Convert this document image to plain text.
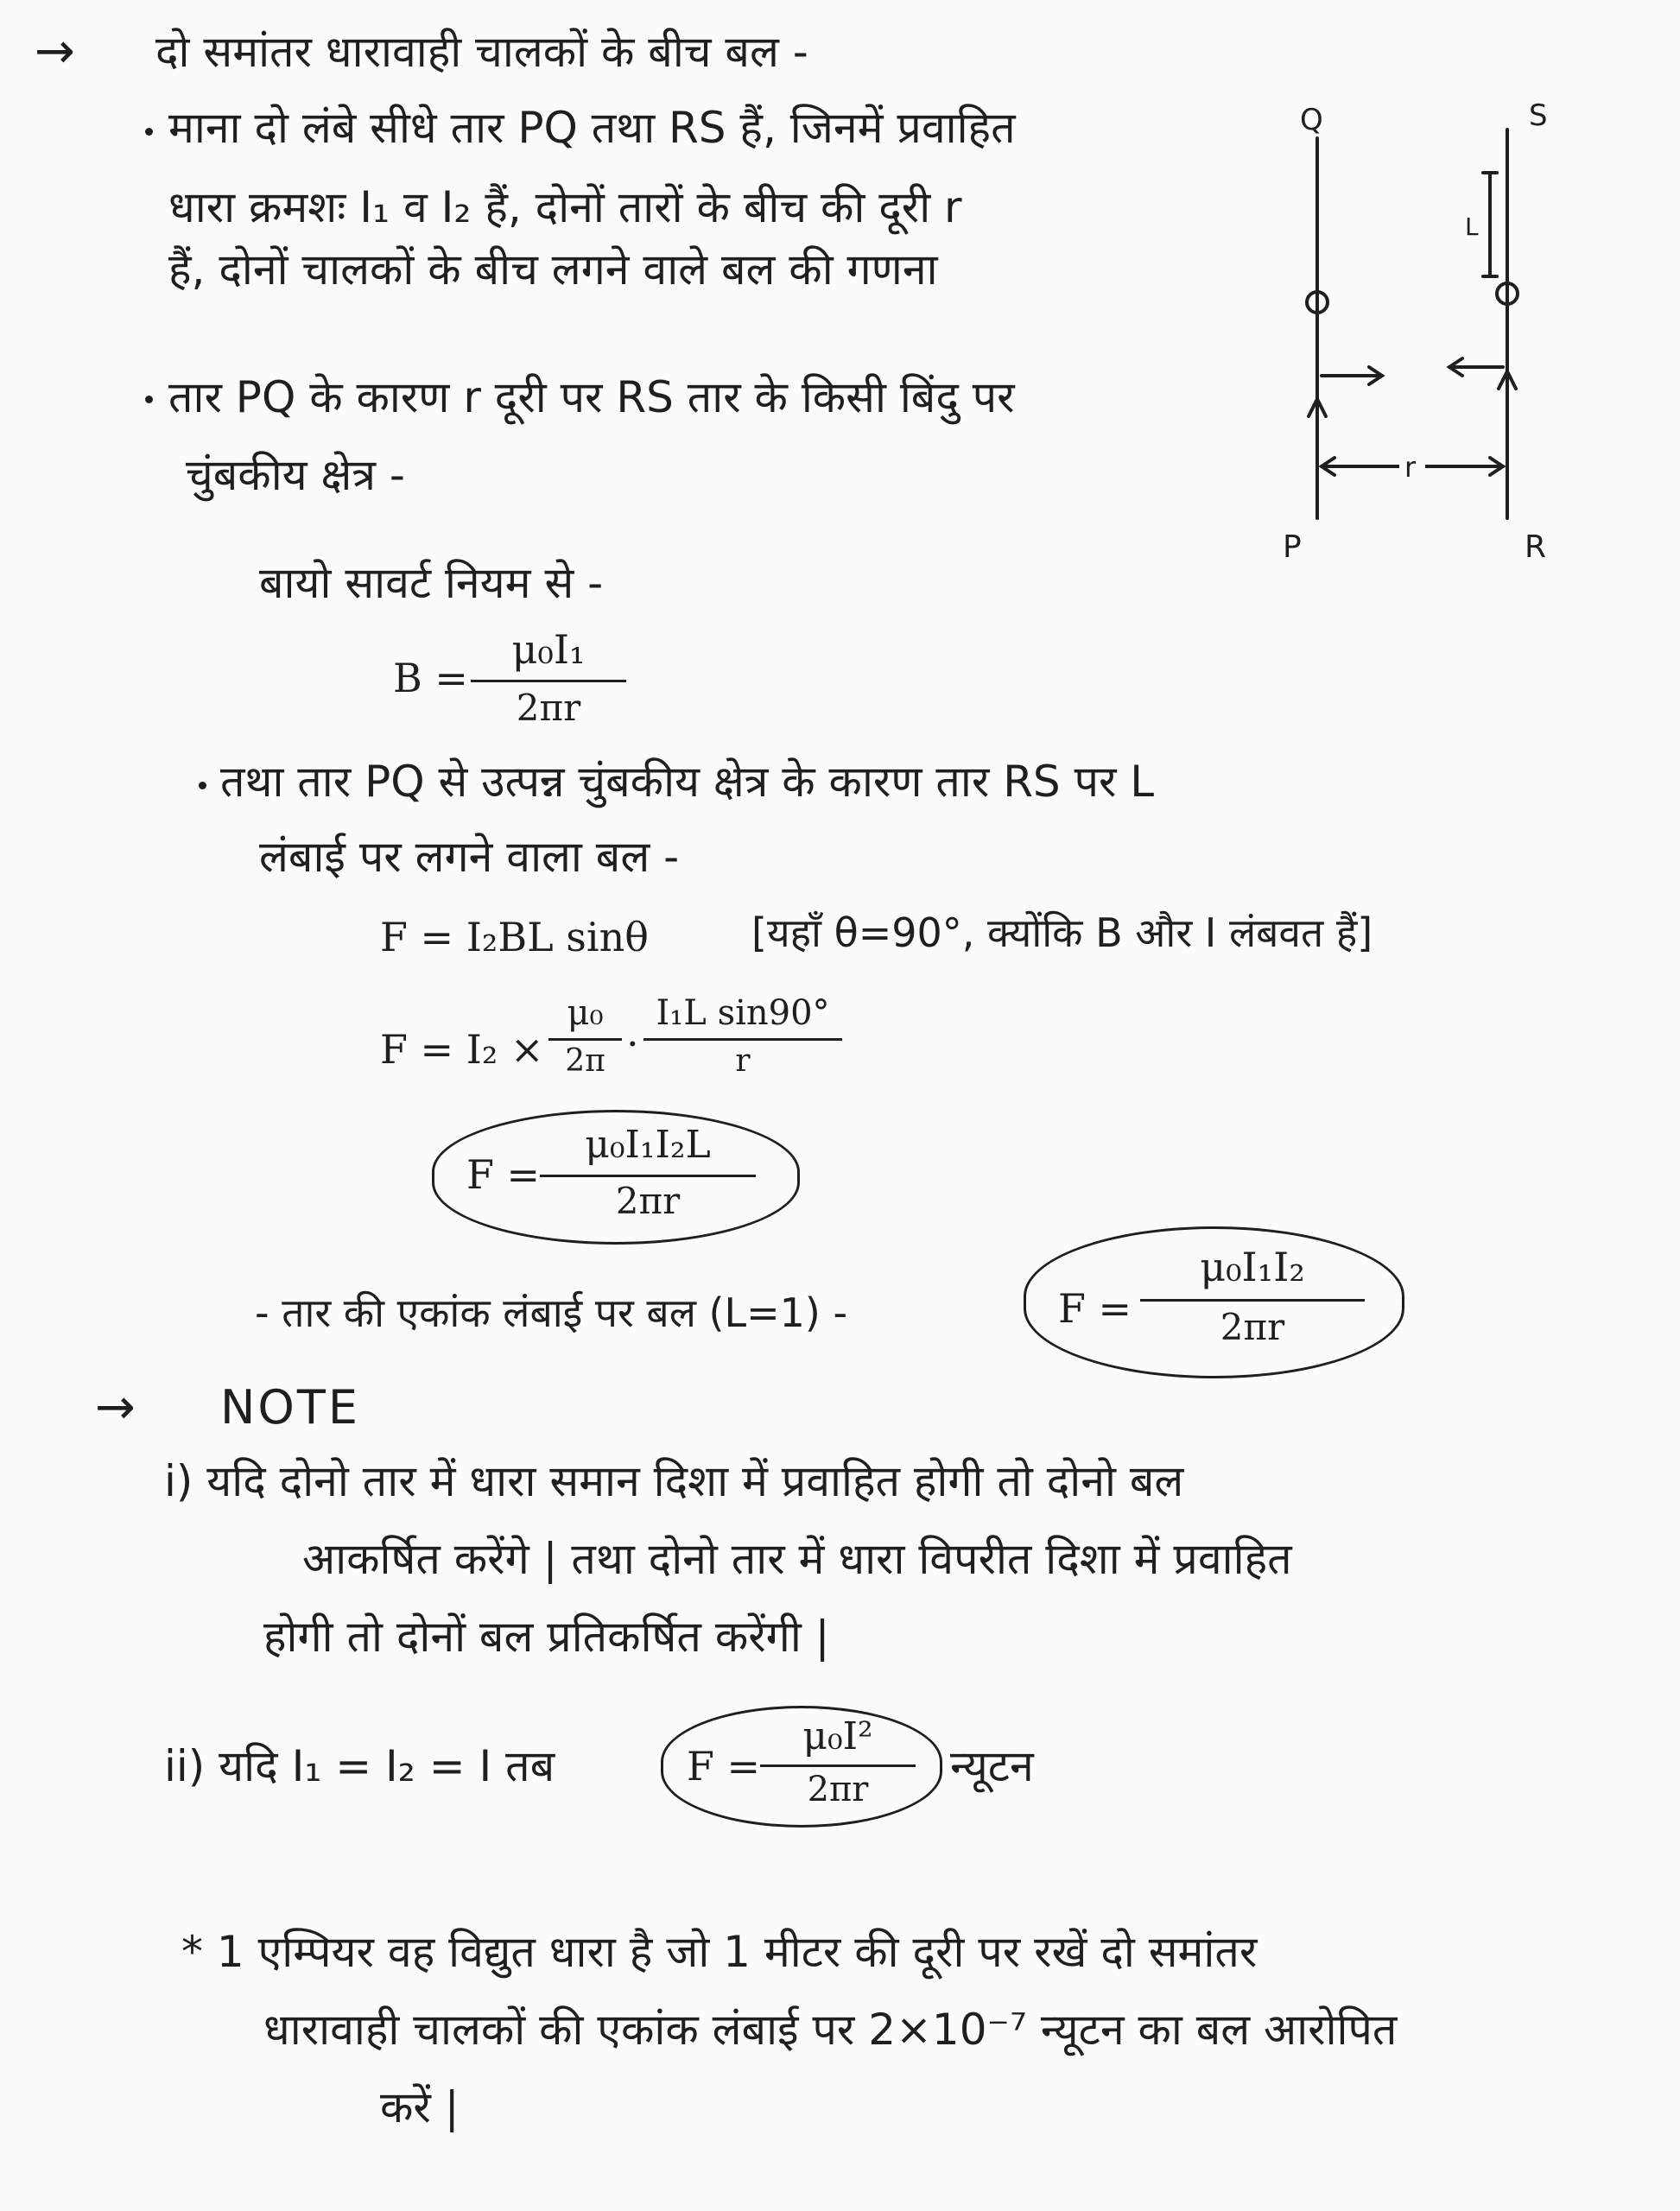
→ दो समांतर धारावाही चालकों के बीच बल -
माना दो लंबे सीधे तार PQ तथा RS हैं, जिनमें प्रवाहित
धारा क्रमशः I₁ व I₂ हैं, दोनों तारों के बीच की दूरी r
हैं, दोनों चालकों के बीच लगने वाले बल की गणना
तार PQ के कारण r दूरी पर RS तार के किसी बिंदु पर
चुंबकीय क्षेत्र -
बायो सावर्ट नियम से -
B =
μ₀I₁
2πr
तथा तार PQ से उत्पन्न चुंबकीय क्षेत्र के कारण तार RS पर L
लंबाई पर लगने वाला बल -
F = I₂BL sinθ	[यहाँ θ=90°, क्योंकि B और I लंबवत हैं]
F = I₂ ×
μ₀
2π
. I₁L sin90°
r
F =
μ₀I₁I₂L
2πr
- तार की एकांक लंबाई पर बल (L=1) -	F =
μ₀I₁I₂
2πr
→ NOTE
i) यदि दोनो तार में धारा समान दिशा में प्रवाहित होगी तो दोनो बल
आकर्षित करेंगे | तथा दोनो तार में धारा विपरीत दिशा में प्रवाहित
होगी तो दोनों बल प्रतिकर्षित करेंगी |
ii) यदि I₁ = I₂ = I तब	F =
μ₀I²
2πr	न्यूटन
* 1 एम्पियर वह विद्युत धारा है जो 1 मीटर की दूरी पर रखें दो समांतर
धारावाही चालकों की एकांक लंबाई पर 2×10⁻⁷ न्यूटन का बल आरोपित
करें |
Q	S
P	R
L
r
